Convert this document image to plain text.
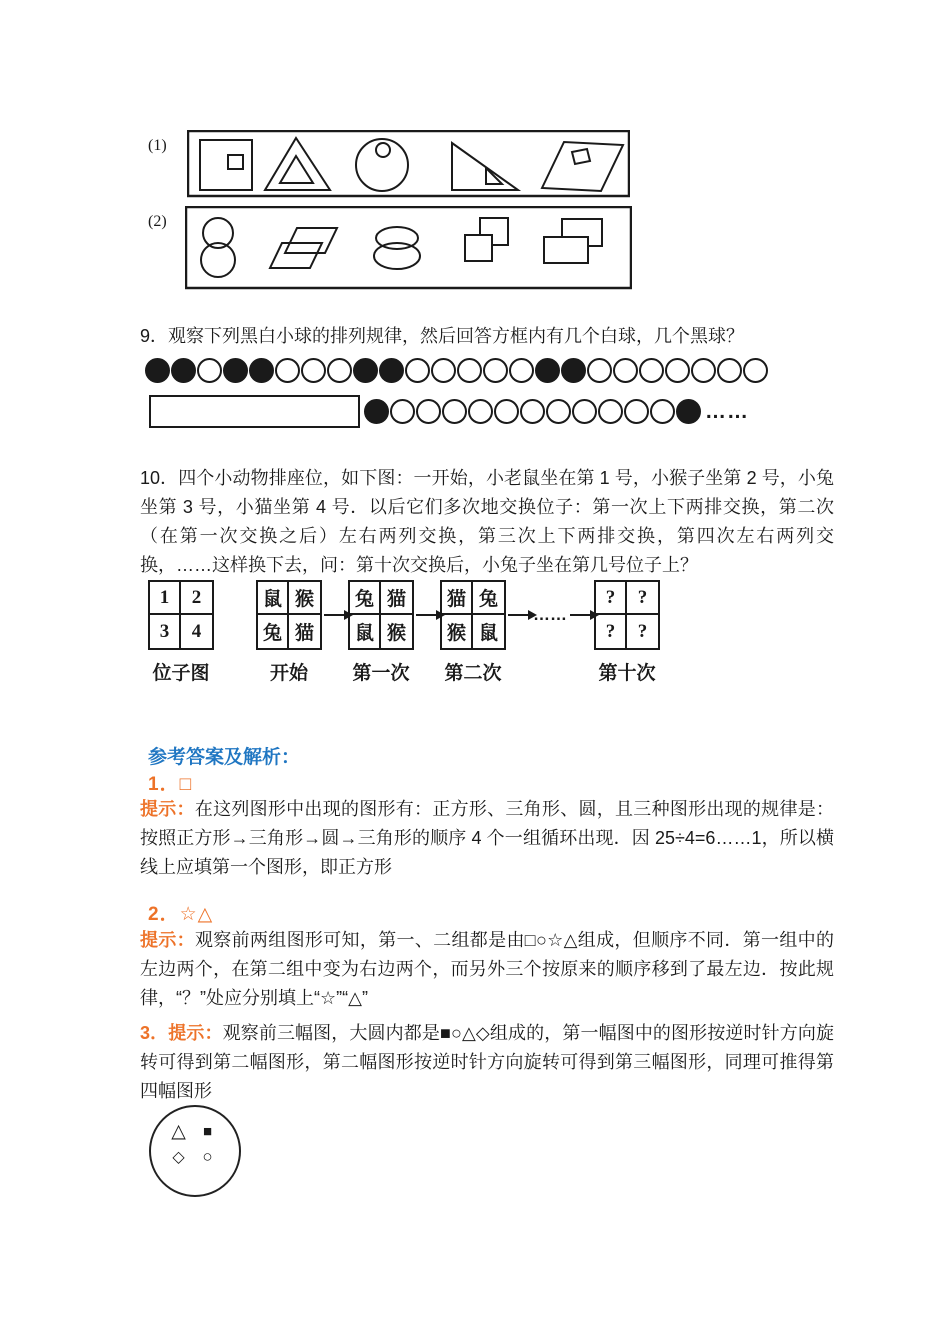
(1)
(2)
9．观察下列黑白小球的排列规律，然后回答方框内有几个白球，几个黑球？
……
10．四个小动物排座位，如下图：一开始，小老鼠坐在第 1 号，小猴子坐第 2 号，小兔坐第 3 号，小猫坐第 4 号．以后它们多次地交换位子：第一次上下两排交换，第二次（在第一次交换之后）左右两列交换，第三次上下两排交换，第四次左右两列交换，……这样换下去，问：第十次交换后，小兔子坐在第几号位子上？
1	2
3	4
位子图
鼠 猴
兔 猫
开始
兔 猫
鼠 猴
第一次
猫 兔
猴 鼠
第二次
……
?	?
?	?
第十次
参考答案及解析：
1．□
提示：在这列图形中出现的图形有：正方形、三角形、圆，且三种图形出现的规律是：按照正方形→三角形→圆→三角形的顺序 4 个一组循环出现．因 25÷4=6……1，所以横线上应填第一个图形，即正方形
2．☆△
提示：观察前两组图形可知，第一、二组都是由□○☆△组成，但顺序不同．第一组中的左边两个，在第二组中变为右边两个，而另外三个按原来的顺序移到了最左边．按此规律，“？”处应分别填上“☆”“△”
3．提示：观察前三幅图，大圆内都是■○△◇组成的，第一幅图中的图形按逆时针方向旋转可得到第二幅图形，第二幅图形按逆时针方向旋转可得到第三幅图形，同理可推得第四幅图形
△	■
◇	○
